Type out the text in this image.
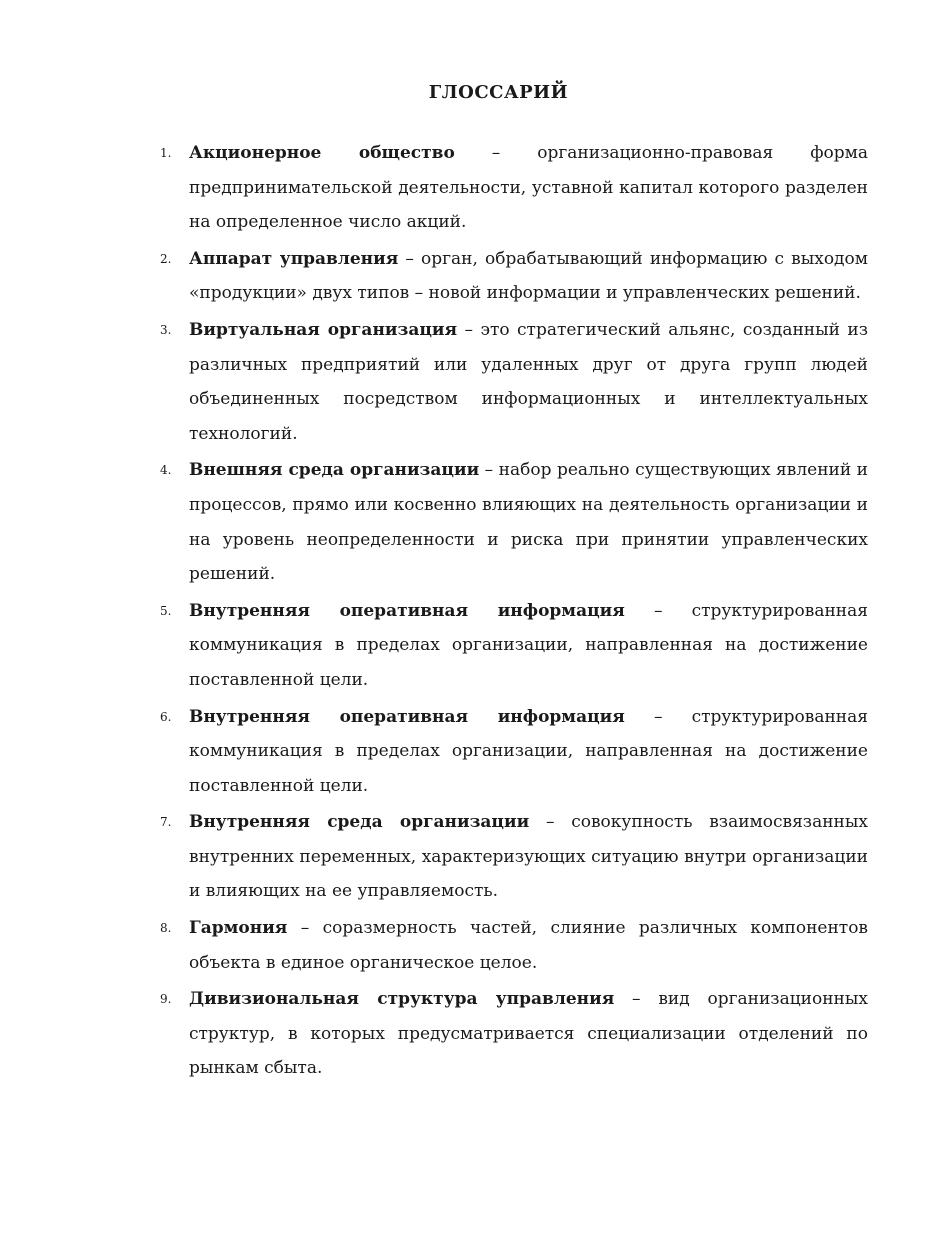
ГЛОССАРИЙ
1.	Акционерное общество – организационно-правовая форма предпринимательской деятельности, уставной капитал которого разделен на определенное число акций.
2.	Аппарат управления – орган, обрабатывающий информацию с выходом «продукции» двух типов – новой информации и управленческих решений.
3.	Виртуальная организация – это стратегический альянс, созданный из различных предприятий или удаленных друг от друга групп людей объединенных посредством информационных и интеллектуальных технологий.
4.	Внешняя среда организации – набор реально существующих явлений и процессов, прямо или косвенно влияющих на деятельность организации и на уровень неопределенности и риска при принятии управленческих решений.
5.	Внутренняя оперативная информация – структурированная коммуникация в пределах организации, направленная на достижение поставленной цели.
6.	Внутренняя оперативная информация – структурированная коммуникация в пределах организации, направленная на достижение поставленной цели.
7.	Внутренняя среда организации – совокупность взаимосвязанных внутренних переменных, характеризующих ситуацию внутри организации и влияющих на ее управляемость.
8.	Гармония – соразмерность частей, слияние различных компонентов объекта в единое органическое целое.
9.	Дивизиональная структура управления – вид организационных структур, в которых предусматривается специализации отделений по рынкам сбыта.
